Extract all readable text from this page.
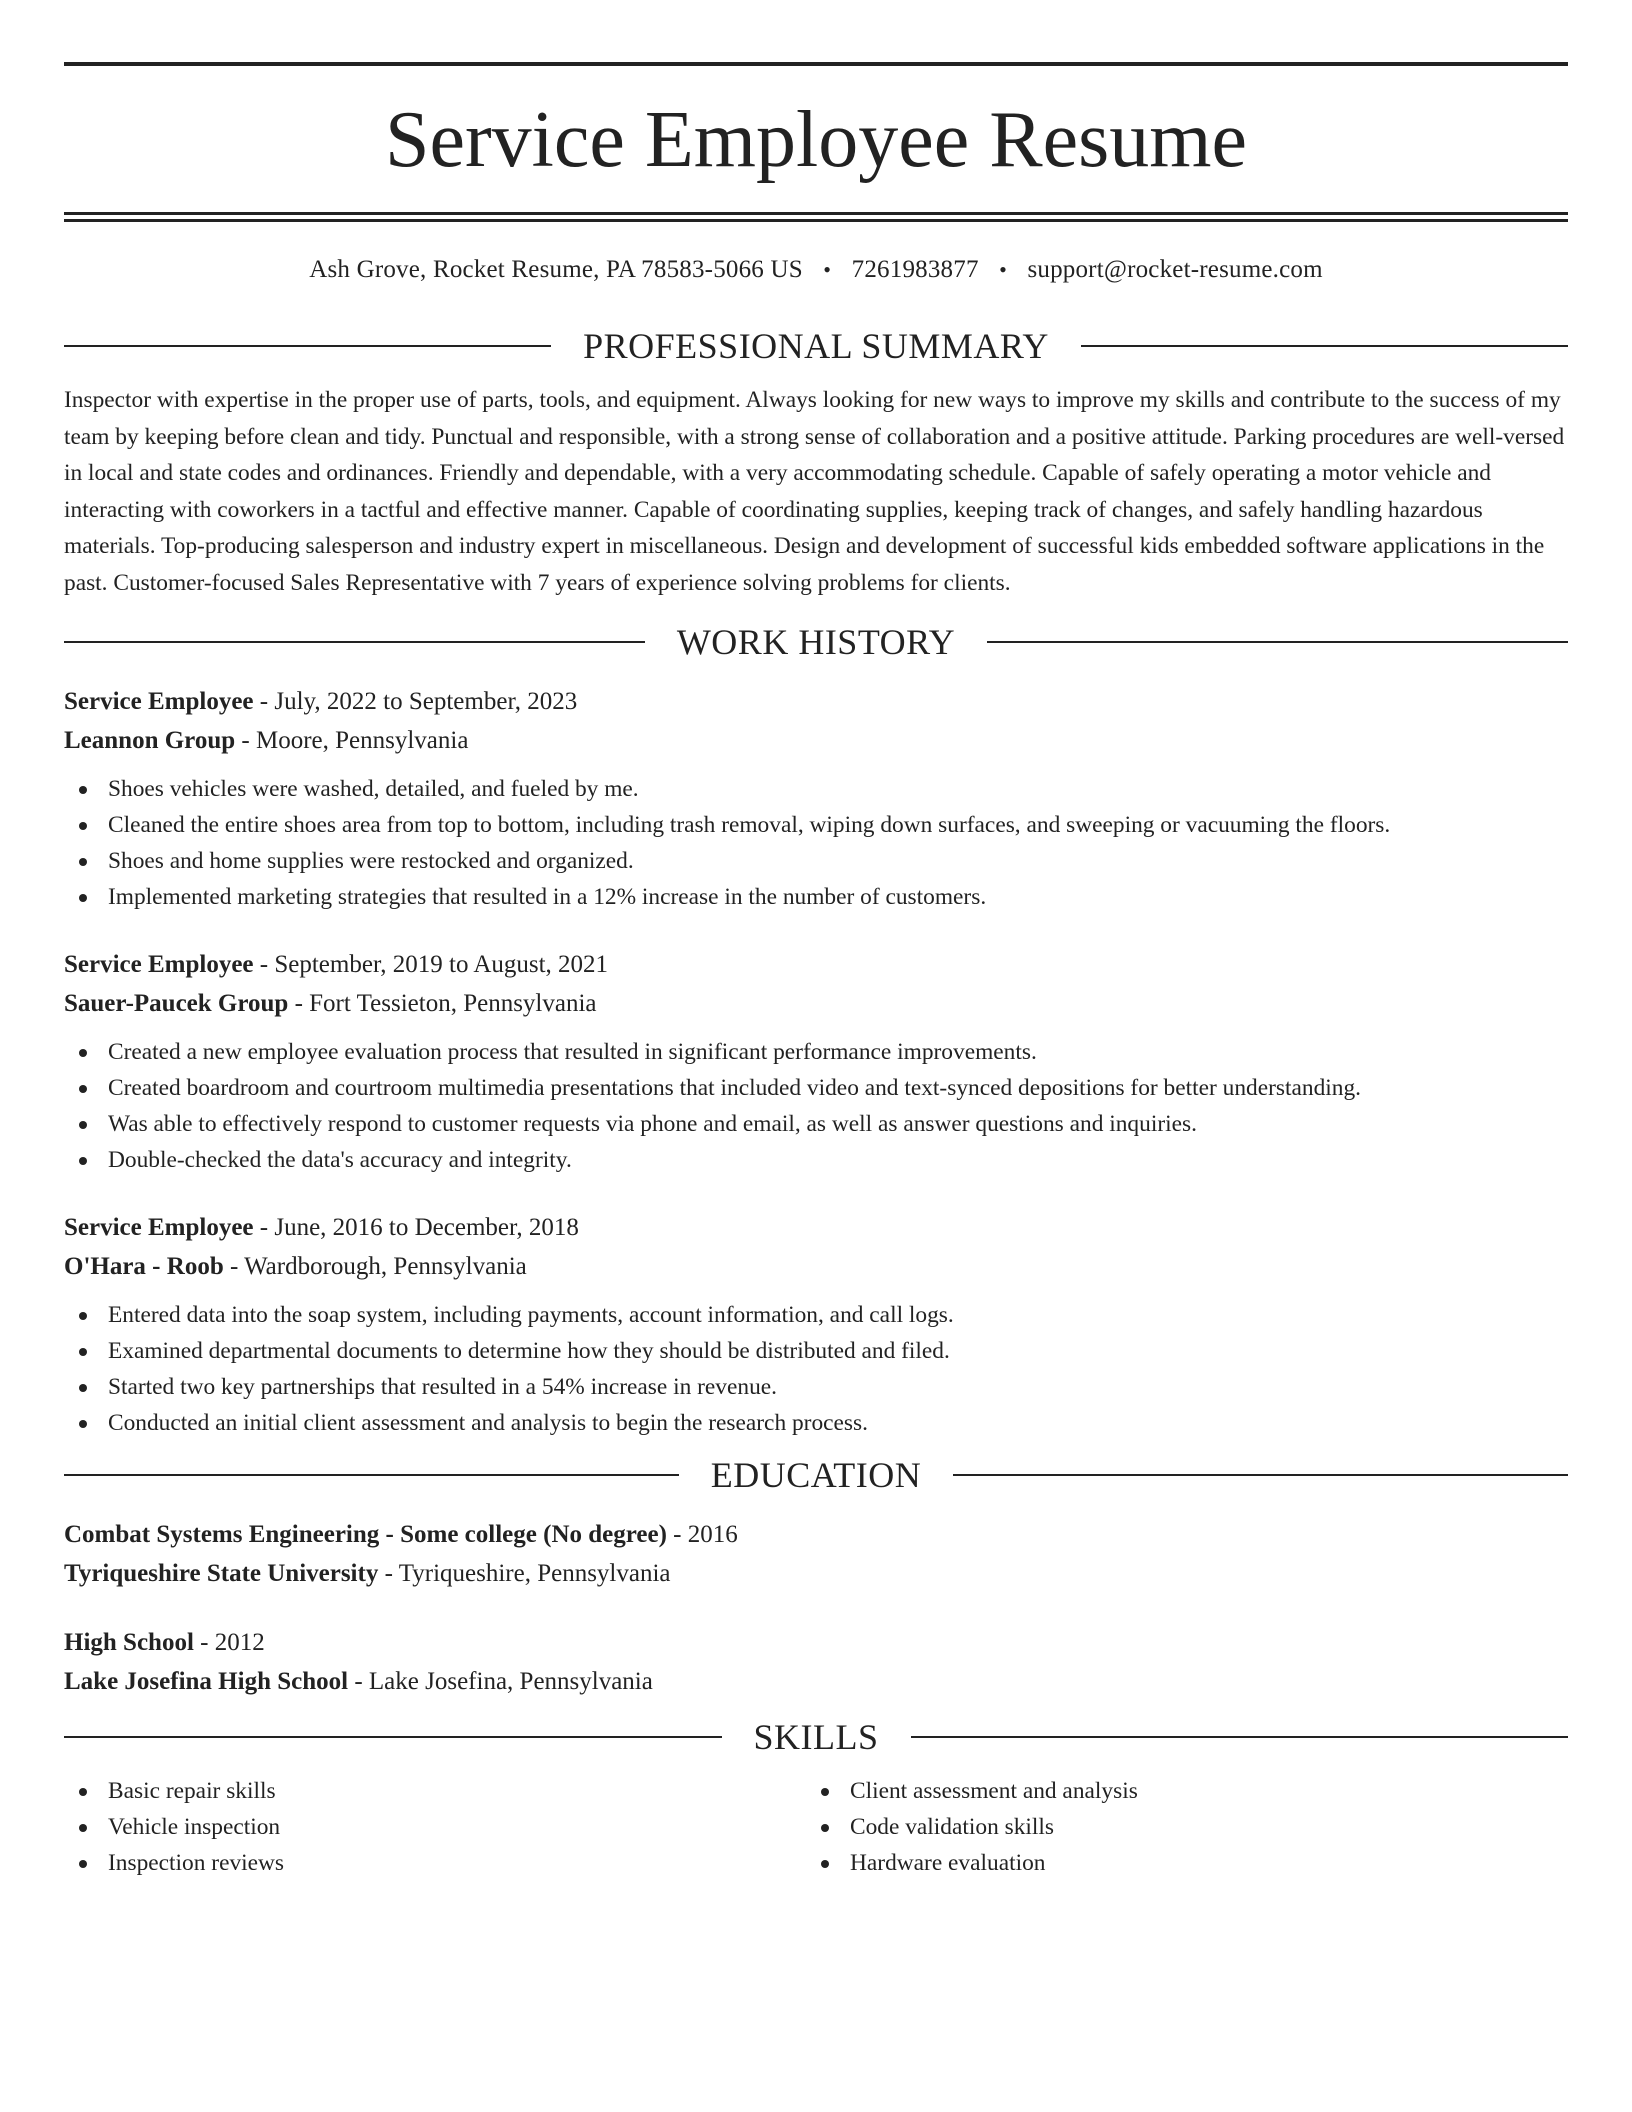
Service Employee Resume
Ash Grove, Rocket Resume, PA 78583-5066 US • 7261983877 • support@rocket-resume.com
PROFESSIONAL SUMMARY
Inspector with expertise in the proper use of parts, tools, and equipment. Always looking for new ways to improve my skills and contribute to the success of my team by keeping before clean and tidy. Punctual and responsible, with a strong sense of collaboration and a positive attitude. Parking procedures are well-versed in local and state codes and ordinances. Friendly and dependable, with a very accommodating schedule. Capable of safely operating a motor vehicle and interacting with coworkers in a tactful and effective manner. Capable of coordinating supplies, keeping track of changes, and safely handling hazardous materials. Top-producing salesperson and industry expert in miscellaneous. Design and development of successful kids embedded software applications in the past. Customer-focused Sales Representative with 7 years of experience solving problems for clients.
WORK HISTORY
Service Employee - July, 2022 to September, 2023
Leannon Group - Moore, Pennsylvania
Shoes vehicles were washed, detailed, and fueled by me.
Cleaned the entire shoes area from top to bottom, including trash removal, wiping down surfaces, and sweeping or vacuuming the floors.
Shoes and home supplies were restocked and organized.
Implemented marketing strategies that resulted in a 12% increase in the number of customers.
Service Employee - September, 2019 to August, 2021
Sauer-Paucek Group - Fort Tessieton, Pennsylvania
Created a new employee evaluation process that resulted in significant performance improvements.
Created boardroom and courtroom multimedia presentations that included video and text-synced depositions for better understanding.
Was able to effectively respond to customer requests via phone and email, as well as answer questions and inquiries.
Double-checked the data's accuracy and integrity.
Service Employee - June, 2016 to December, 2018
O'Hara - Roob - Wardborough, Pennsylvania
Entered data into the soap system, including payments, account information, and call logs.
Examined departmental documents to determine how they should be distributed and filed.
Started two key partnerships that resulted in a 54% increase in revenue.
Conducted an initial client assessment and analysis to begin the research process.
EDUCATION
Combat Systems Engineering - Some college (No degree) - 2016
Tyriqueshire State University - Tyriqueshire, Pennsylvania
High School - 2012
Lake Josefina High School - Lake Josefina, Pennsylvania
SKILLS
Basic repair skills
Vehicle inspection
Inspection reviews
Client assessment and analysis
Code validation skills
Hardware evaluation
